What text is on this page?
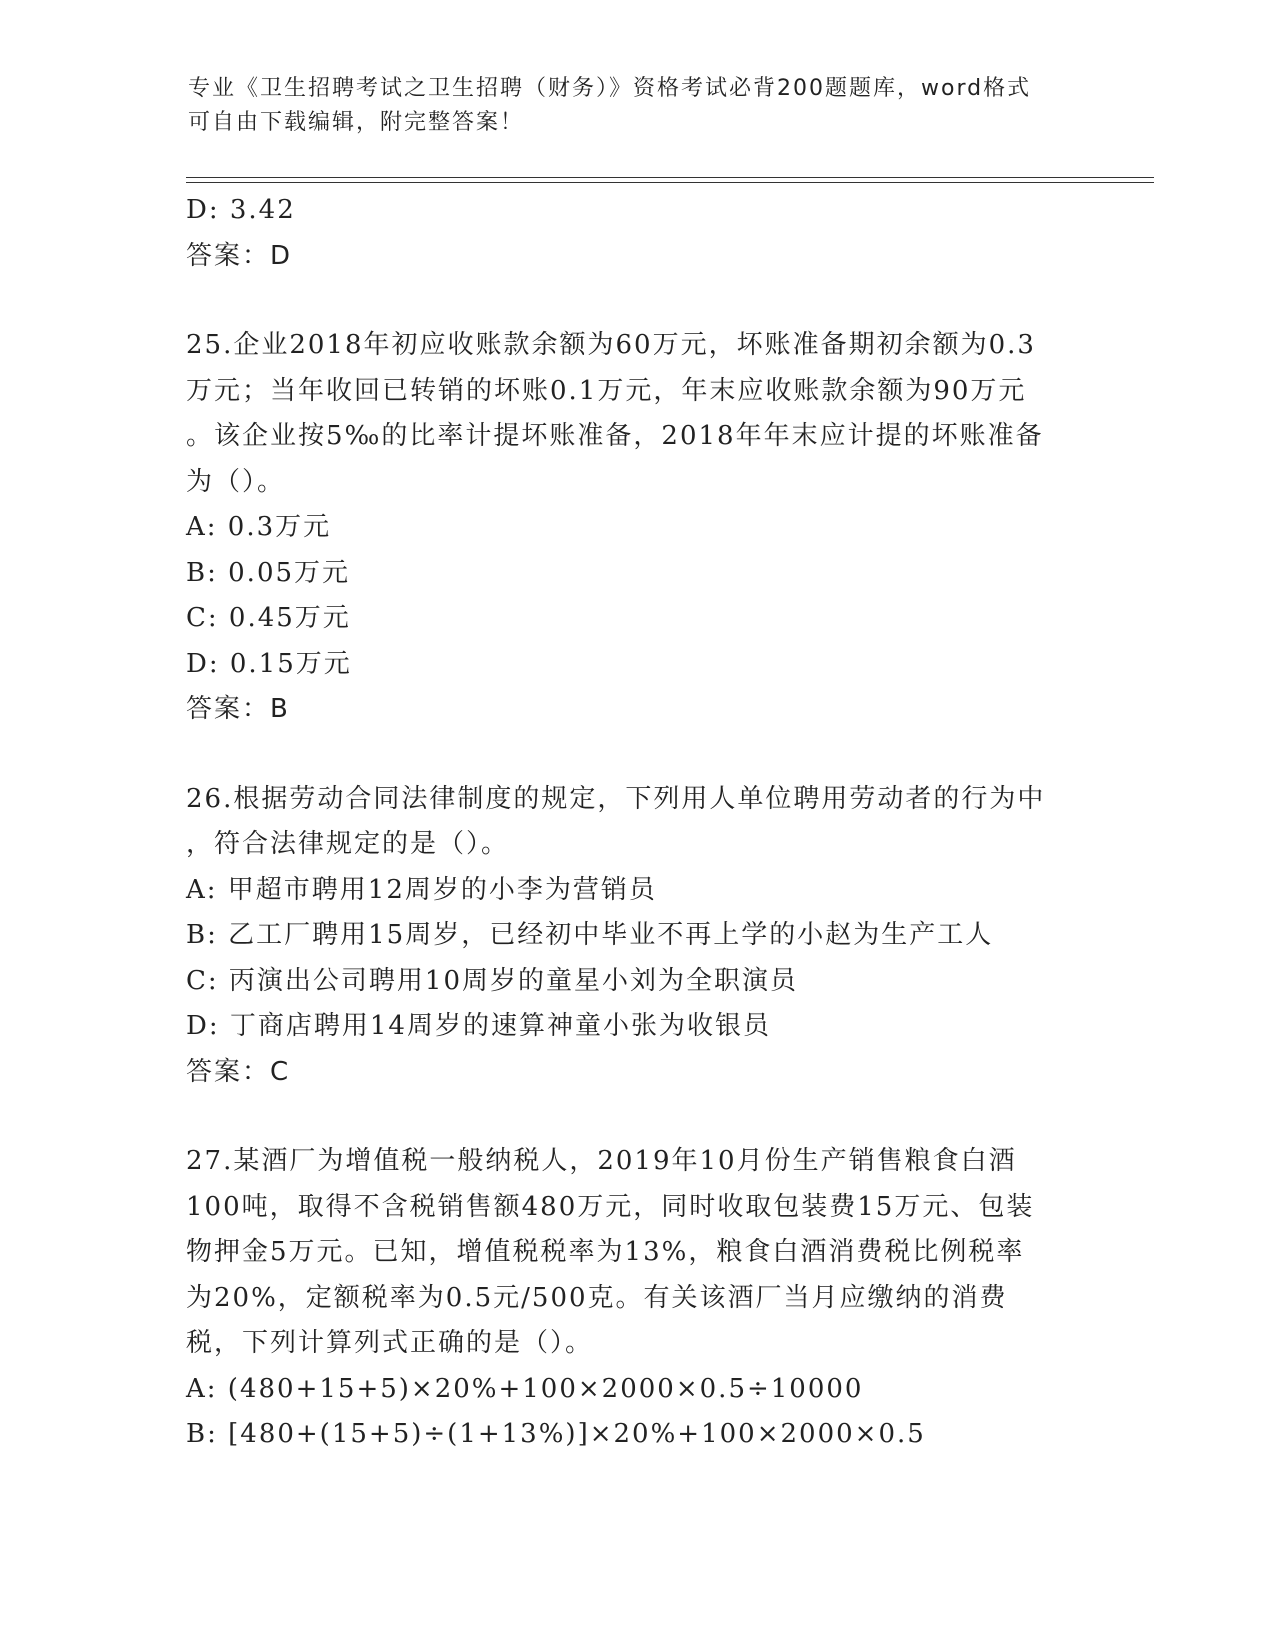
专业《卫生招聘考试之卫生招聘（财务）》资格考试必背200题题库，word格式
可自由下载编辑，附完整答案！
D: 3.42
答案：D
25.企业2018年初应收账款余额为60万元，坏账准备期初余额为0.3
万元；当年收回已转销的坏账0.1万元，年末应收账款余额为90万元
。该企业按5‰的比率计提坏账准备，2018年年末应计提的坏账准备
为（）。
A: 0.3万元
B: 0.05万元
C: 0.45万元
D: 0.15万元
答案：B
26.根据劳动合同法律制度的规定，下列用人单位聘用劳动者的行为中
，符合法律规定的是（）。
A: 甲超市聘用12周岁的小李为营销员
B: 乙工厂聘用15周岁，已经初中毕业不再上学的小赵为生产工人
C: 丙演出公司聘用10周岁的童星小刘为全职演员
D: 丁商店聘用14周岁的速算神童小张为收银员
答案：C
27.某酒厂为增值税一般纳税人，2019年10月份生产销售粮食白酒
100吨，取得不含税销售额480万元，同时收取包装费15万元、包装
物押金5万元。已知，增值税税率为13%，粮食白酒消费税比例税率
为20%，定额税率为0.5元/500克。有关该酒厂当月应缴纳的消费
税，下列计算列式正确的是（）。
A: (480+15+5)×20%+100×2000×0.5÷10000
B: [480+(15+5)÷(1+13%)]×20%+100×2000×0.5
